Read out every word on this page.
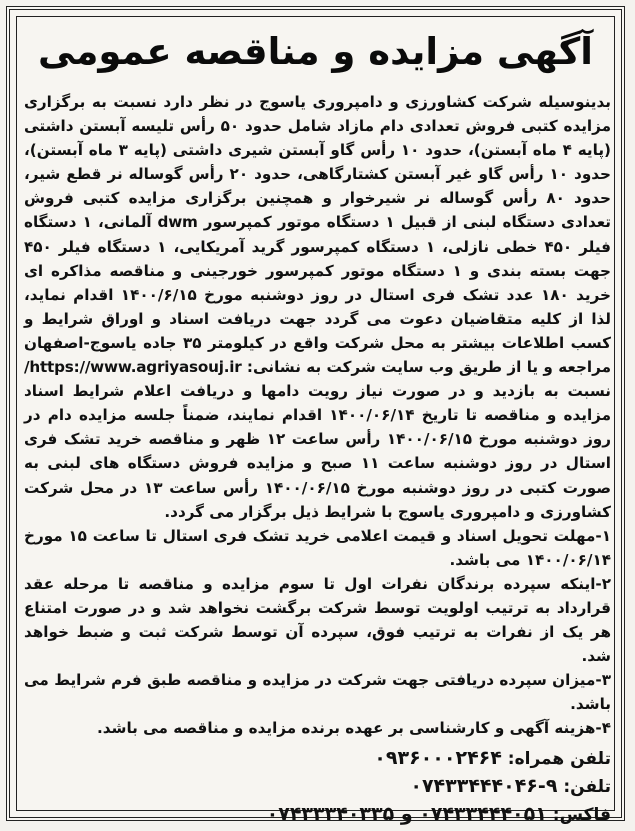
آگهی مزایده و مناقصه عمومی

بدینوسیله شرکت کشاورزی و دامپروری یاسوج در نظر دارد نسبت به برگزاری مزایده کتبی فروش تعدادی دام مازاد شامل حدود ۵۰ رأس تلیسه آبستن داشتی (پایه ۴ ماه آبستن)، حدود ۱۰ رأس گاو آبستن شیری داشتی (پایه ۳ ماه آبستن)، حدود ۱۰ رأس گاو غیر آبستن کشتارگاهی، حدود ۲۰ رأس گوساله نر قطع شیر، حدود ۸۰ رأس گوساله نر شیرخوار و همچنین برگزاری مزایده کتبی فروش تعدادی دستگاه لبنی از قبیل ۱ دستگاه موتور کمپرسور dwm آلمانی، ۱ دستگاه فیلر ۴۵۰ خطی نازلی، ۱ دستگاه کمپرسور گرید آمریکایی، ۱ دستگاه فیلر ۴۵۰ جهت بسته بندی و ۱ دستگاه موتور کمپرسور خورجینی و مناقصه مذاکره ای خرید ۱۸۰ عدد تشک فری استال در روز دوشنبه مورخ ۱۴۰۰/۶/۱۵ اقدام نماید، لذا از کلیه متقاضیان دعوت می گردد جهت دریافت اسناد و اوراق شرایط و کسب اطلاعات بیشتر به محل شرکت واقع در کیلومتر ۳۵ جاده یاسوج-اصفهان مراجعه و یا از طریق وب سایت شرکت به نشانی: https://www.agriyasouj.ir/ نسبت به بازدید و در صورت نیاز رویت دامها و دریافت اعلام شرایط اسناد مزایده و مناقصه تا تاریخ ۱۴۰۰/۰۶/۱۴ اقدام نمایند، ضمناً جلسه مزایده دام در روز دوشنبه مورخ ۱۴۰۰/۰۶/۱۵ رأس ساعت ۱۲ ظهر و مناقصه خرید تشک فری استال در روز دوشنبه ساعت ۱۱ صبح و مزایده فروش دستگاه های لبنی به صورت کتبی در روز دوشنبه مورخ ۱۴۰۰/۰۶/۱۵ رأس ساعت ۱۳ در محل شرکت کشاورزی و دامپروری یاسوج با شرایط ذیل برگزار می گردد.

۱-مهلت تحویل اسناد و قیمت اعلامی خرید تشک فری استال تا ساعت ۱۵ مورخ ۱۴۰۰/۰۶/۱۴ می باشد.

۲-اینکه سپرده برندگان نفرات اول تا سوم مزایده و مناقصه تا مرحله عقد قرارداد به ترتیب اولویت توسط شرکت برگشت نخواهد شد و در صورت امتناع هر یک از نفرات به ترتیب فوق، سپرده آن توسط شرکت ثبت و ضبط خواهد شد.

۳-میزان سپرده دریافتی جهت شرکت در مزایده و مناقصه طبق فرم شرایط می باشد.

۴-هزینه آگهی و کارشناسی بر عهده برنده مزایده و مناقصه می باشد.

تلفن همراه: ۰۹۳۶۰۰۰۲۴۶۴

تلفن: ۹-۰۷۴۳۳۴۴۴۰۴۶

فاکس: ۰۷۴۳۳۴۴۴۰۵۱ و ۰۷۴۳۳۳۴۰۳۳۵
